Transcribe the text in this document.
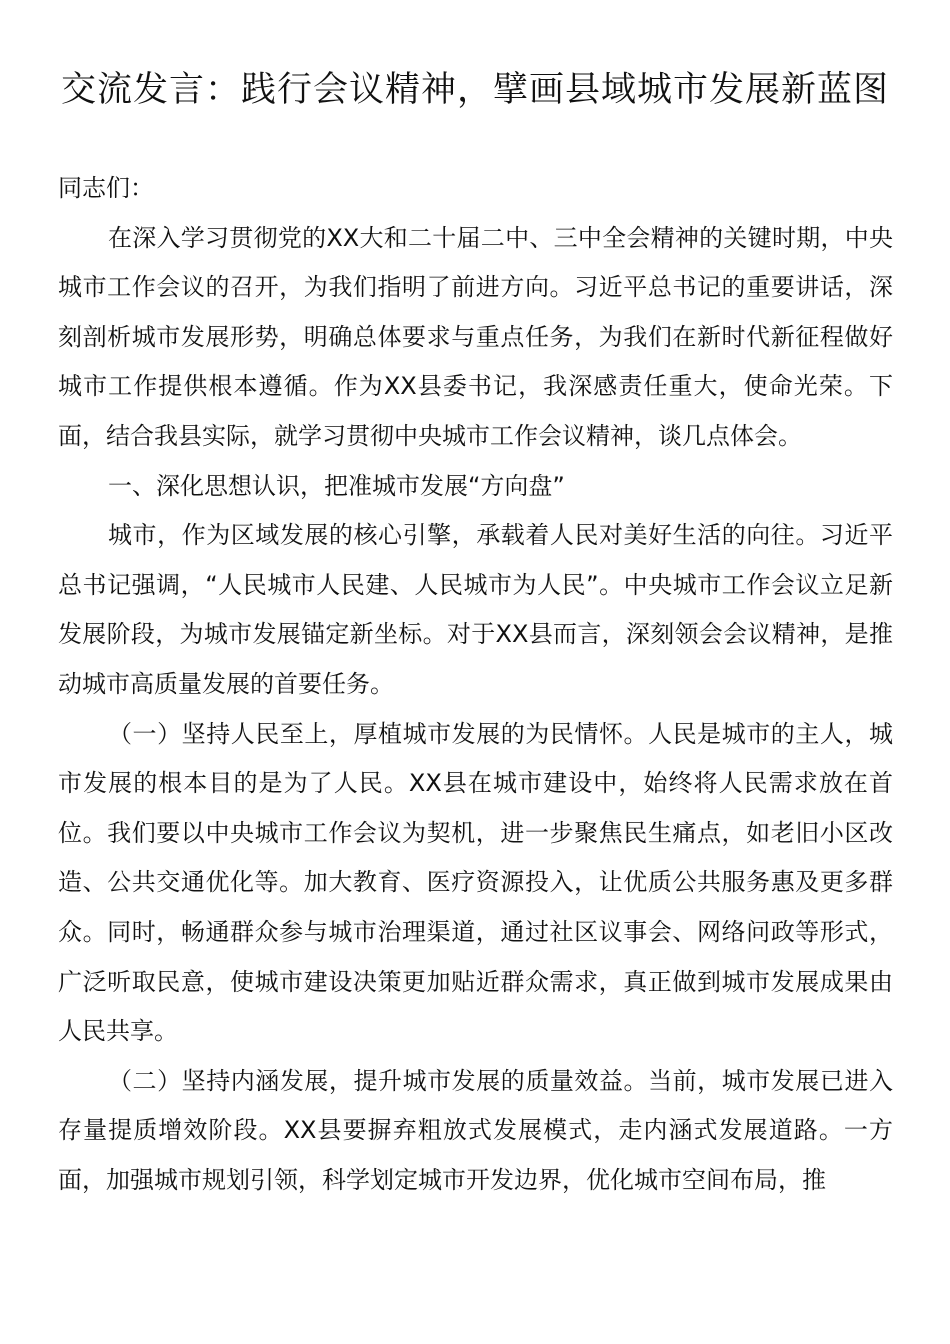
交流发言：践行会议精神，擘画县域城市发展新蓝图

同志们：

在深入学习贯彻党的XX大和二十届二中、三中全会精神的关键时期，中央城市工作会议的召开，为我们指明了前进方向。习近平总书记的重要讲话，深刻剖析城市发展形势，明确总体要求与重点任务，为我们在新时代新征程做好城市工作提供根本遵循。作为XX县委书记，我深感责任重大，使命光荣。下面，结合我县实际，就学习贯彻中央城市工作会议精神，谈几点体会。

一、深化思想认识，把准城市发展“方向盘”

城市，作为区域发展的核心引擎，承载着人民对美好生活的向往。习近平总书记强调，“人民城市人民建、人民城市为人民”。中央城市工作会议立足新发展阶段，为城市发展锚定新坐标。对于XX县而言，深刻领会会议精神，是推动城市高质量发展的首要任务。

（一）坚持人民至上，厚植城市发展的为民情怀。人民是城市的主人，城市发展的根本目的是为了人民。XX县在城市建设中，始终将人民需求放在首位。我们要以中央城市工作会议为契机，进一步聚焦民生痛点，如老旧小区改造、公共交通优化等。加大教育、医疗资源投入，让优质公共服务惠及更多群众。同时，畅通群众参与城市治理渠道，通过社区议事会、网络问政等形式，广泛听取民意，使城市建设决策更加贴近群众需求，真正做到城市发展成果由人民共享。

（二）坚持内涵发展，提升城市发展的质量效益。当前，城市发展已进入存量提质增效阶段。XX县要摒弃粗放式发展模式，走内涵式发展道路。一方面，加强城市规划引领，科学划定城市开发边界，优化城市空间布局，推
